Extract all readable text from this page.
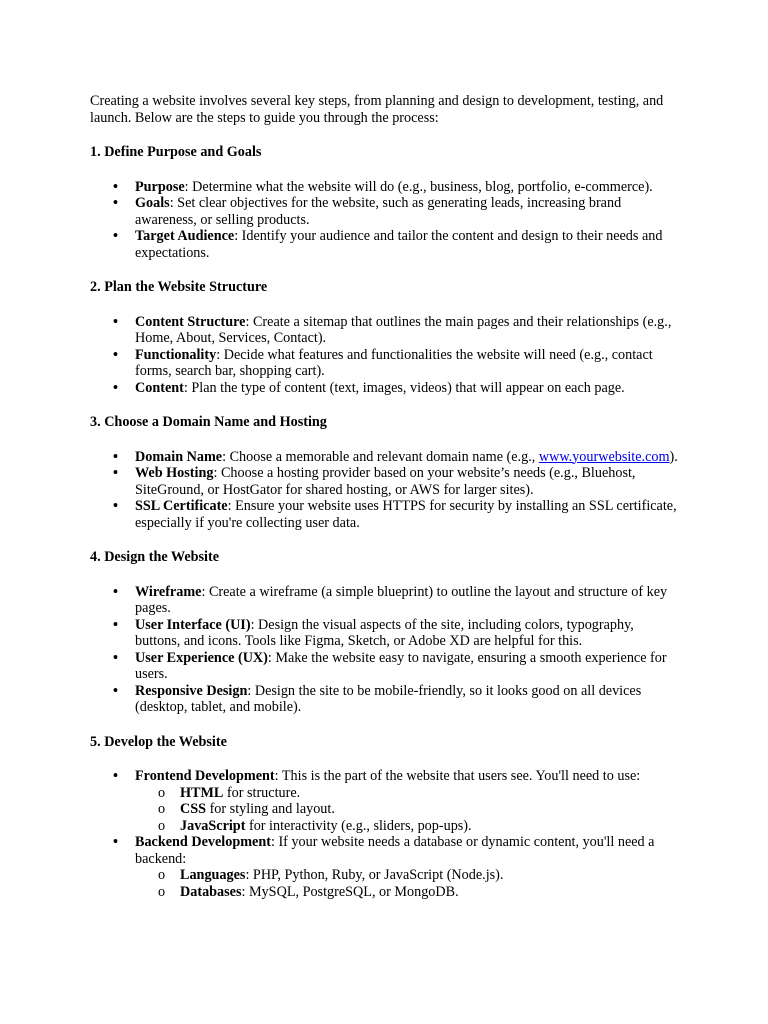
Creating a website involves several key steps, from planning and design to development, testing, and launch. Below are the steps to guide you through the process:

1. Define Purpose and Goals
• Purpose: Determine what the website will do (e.g., business, blog, portfolio, e-commerce).
• Goals: Set clear objectives for the website, such as generating leads, increasing brand awareness, or selling products.
• Target Audience: Identify your audience and tailor the content and design to their needs and expectations.
2. Plan the Website Structure
• Content Structure: Create a sitemap that outlines the main pages and their relationships (e.g., Home, About, Services, Contact).
• Functionality: Decide what features and functionalities the website will need (e.g., contact forms, search bar, shopping cart).
• Content: Plan the type of content (text, images, videos) that will appear on each page.
3. Choose a Domain Name and Hosting
• Domain Name: Choose a memorable and relevant domain name (e.g., www.yourwebsite.com).
• Web Hosting: Choose a hosting provider based on your website’s needs (e.g., Bluehost, SiteGround, or HostGator for shared hosting, or AWS for larger sites).
• SSL Certificate: Ensure your website uses HTTPS for security by installing an SSL certificate, especially if you're collecting user data.
4. Design the Website
• Wireframe: Create a wireframe (a simple blueprint) to outline the layout and structure of key pages.
• User Interface (UI): Design the visual aspects of the site, including colors, typography, buttons, and icons. Tools like Figma, Sketch, or Adobe XD are helpful for this.
• User Experience (UX): Make the website easy to navigate, ensuring a smooth experience for users.
• Responsive Design: Design the site to be mobile-friendly, so it looks good on all devices (desktop, tablet, and mobile).
5. Develop the Website
• Frontend Development: This is the part of the website that users see. You'll need to use:
o HTML for structure.
o CSS for styling and layout.
o JavaScript for interactivity (e.g., sliders, pop-ups).
• Backend Development: If your website needs a database or dynamic content, you'll need a backend:
o Languages: PHP, Python, Ruby, or JavaScript (Node.js).
o Databases: MySQL, PostgreSQL, or MongoDB.
